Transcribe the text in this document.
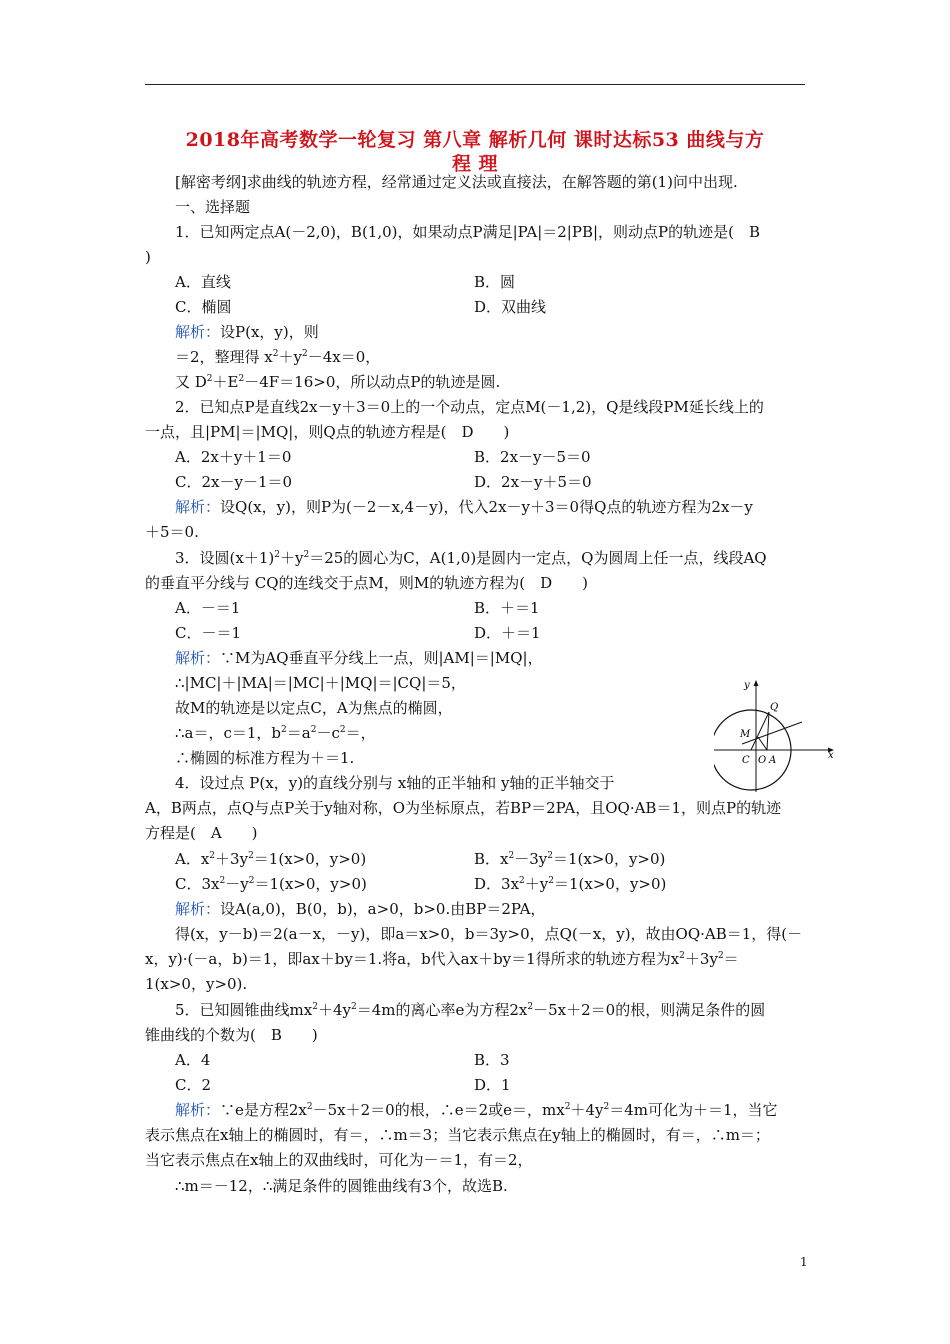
2018年高考数学一轮复习 第八章 解析几何 课时达标53 曲线与方
程 理
[解密考纲]求曲线的轨迹方程，经常通过定义法或直接法，在解答题的第(1)问中出现.
一、选择题
1．已知两定点A(－2,0)，B(1,0)，如果动点P满足|PA|＝2|PB|，则动点P的轨迹是(　B
)
A．直线	B．圆
C．椭圆	D．双曲线
解析：设P(x，y)，则
＝2，整理得 $x^2+y^2-4x=0$，
又 $D^2+E^2-4F=16>0$，所以动点P的轨迹是圆.
2．已知点P是直线2x－y＋3＝0上的一个动点，定点M(－1,2)，Q是线段PM延长线上的
一点，且|PM|＝|MQ|，则Q点的轨迹方程是(　D　　)
A．2x＋y＋1＝0	B．2x－y－5＝0
C．2x－y－1＝0	D．2x－y＋5＝0
解析：设Q(x，y)，则P为(－2－x,4－y)，代入2x－y＋3＝0得Q点的轨迹方程为2x－y
＋5＝0.
3．设圆$(x+1)^2+y^2=25$的圆心为C，A(1,0)是圆内一定点，Q为圆周上任一点，线段AQ
的垂直平分线与 CQ的连线交于点M，则M的轨迹方程为(　D　　)
A．－＝1	B．＋＝1
C．－＝1	D．＋＝1
解析：∵M为AQ垂直平分线上一点，则|AM|＝|MQ|，
∴|MC|＋|MA|＝|MC|＋|MQ|＝|CQ|＝5，
故M的轨迹是以定点C，A为焦点的椭圆，
∴a＝，c＝1，$b^2=a^2-c^2=$，
∴椭圆的标准方程为＋＝1.
y
x
Q
M
C O A
4．设过点 P(x，y)的直线分别与 x轴的正半轴和 y轴的正半轴交于
A，B两点，点Q与点P关于y轴对称，O为坐标原点，若BP＝2PA，且OQ·AB＝1，则点P的轨迹
方程是(　A　　)
A．$x^2+3y^2=1(x>0$，y>0)	B．$x^2-3y^2=1(x>0$，y>0)
C．$3x^2-y^2=1(x>0$，y>0)	D．$3x^2+y^2=1(x>0$，y>0)
解析：设A(a,0)，B(0，b)，a>0，b>0.由BP＝2PA，
得(x，y－b)＝2(a－x，－y)，即a＝x>0，b＝3y>0，点Q(－x，y)，故由OQ·AB＝1，得(－
x，y)·(－a，b)＝1，即ax＋by＝1.将a，b代入ax＋by＝1得所求的轨迹方程为$x^2+3y^2=$
1(x>0，y>0).
5．已知圆锥曲线$mx^2+4y^2=4m$的离心率e为方程$2x^2-5x+2=0$的根，则满足条件的圆
锥曲线的个数为(　B　　)
A．4	B．3
C．2	D．1
解析：∵e是方程$2x^2-5x+2=0$的根，∴e＝2或e＝，$mx^2+4y^2=4m$可化为＋＝1，当它
表示焦点在x轴上的椭圆时，有＝，∴m＝3；当它表示焦点在y轴上的椭圆时，有＝，∴m＝；
当它表示焦点在x轴上的双曲线时，可化为－＝1，有＝2，
∴m＝－12，∴满足条件的圆锥曲线有3个，故选B.
1
